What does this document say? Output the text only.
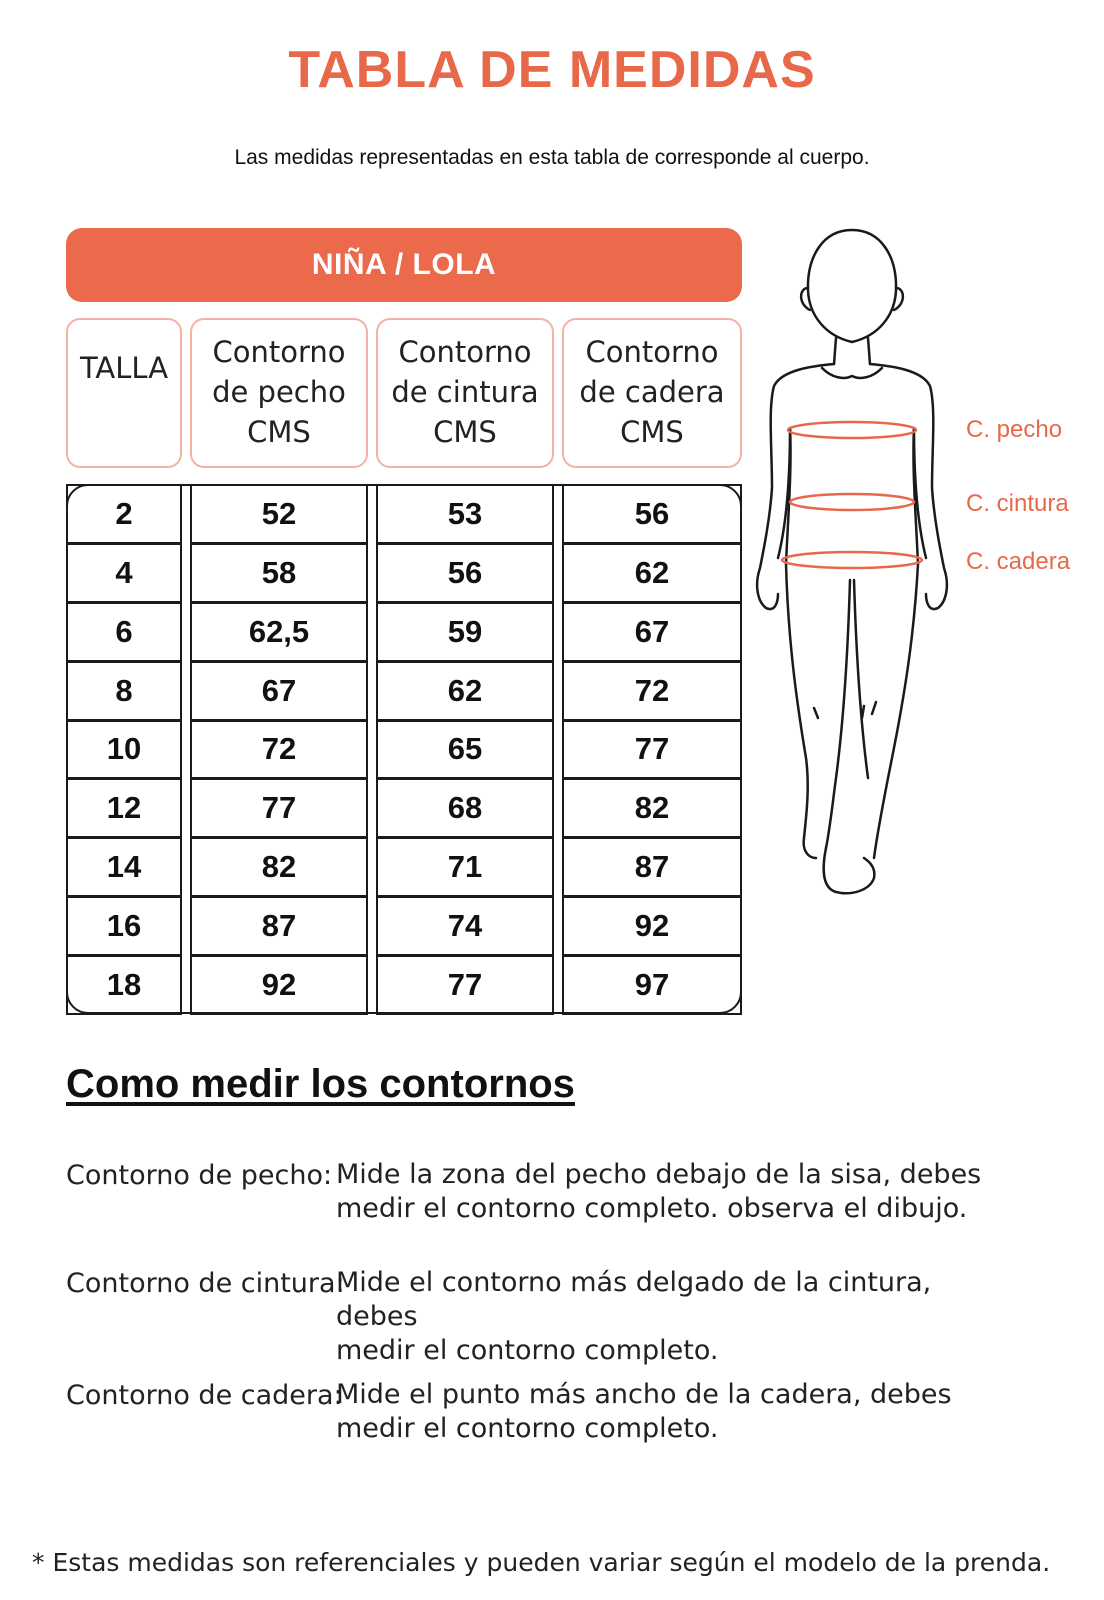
TABLA DE MEDIDAS
Las medidas representadas en esta tabla de corresponde al cuerpo.
NIÑA / LOLA
TALLA	Contorno
de pecho
CMS
Contorno
de cintura
CMS
Contorno
de cadera
CMS
97
77
92
18
92
74
87
16
87
71
82
14
82
68
77
12
77
65
72
10
72
62
67
8
67
59
62,5
6
62
56
58
4
56
53
52
2
C. pecho
C. cintura
C. cadera
Como medir los contornos
Contorno de pecho: Mide la zona del pecho debajo de la sisa, debes
medir el contorno completo. observa el dibujo.
Contorno de cintura:
Mide el contorno más delgado de la cintura, debes
medir el contorno completo.
Contorno de cadera:
Mide el punto más ancho de la cadera, debes
medir el contorno completo.
* Estas medidas son referenciales y pueden variar según el modelo de la prenda.
